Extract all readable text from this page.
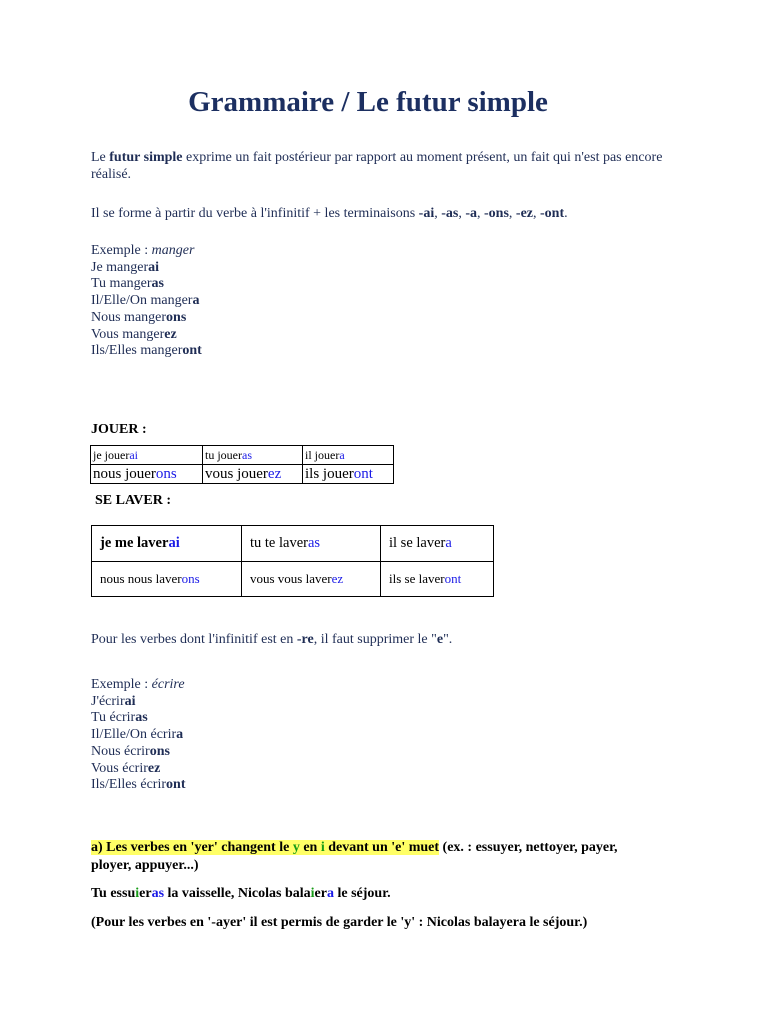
Grammaire / Le futur simple

Le futur simple exprime un fait postérieur par rapport au moment présent, un fait qui n'est pas encore réalisé.

Il se forme à partir du verbe à l'infinitif + les terminaisons -ai, -as, -a, -ons, -ez, -ont.

Exemple : manger
Je mangerai
Tu mangeras
Il/Elle/On mangera
Nous mangerons
Vous mangerez
Ils/Elles mangeront
JOUER :
je jouerai	tu joueras	il jouera
nous jouerons	vous jouerez	ils joueront
SE LAVER :
je me laverai	tu te laveras	il se lavera
nous nous laverons	vous vous laverez	ils se laveront

Pour les verbes dont l'infinitif est en -re, il faut supprimer le "e".

Exemple : écrire
J'écrirai
Tu écriras
Il/Elle/On écrira
Nous écrirons
Vous écrirez
Ils/Elles écriront

a) Les verbes en 'yer' changent le y en i devant un 'e' muet (ex. : essuyer, nettoyer, payer, ployer, appuyer...)

Tu essuieras la vaisselle, Nicolas balaiera le séjour.

(Pour les verbes en '-ayer' il est permis de garder le 'y' : Nicolas balayera le séjour.)
